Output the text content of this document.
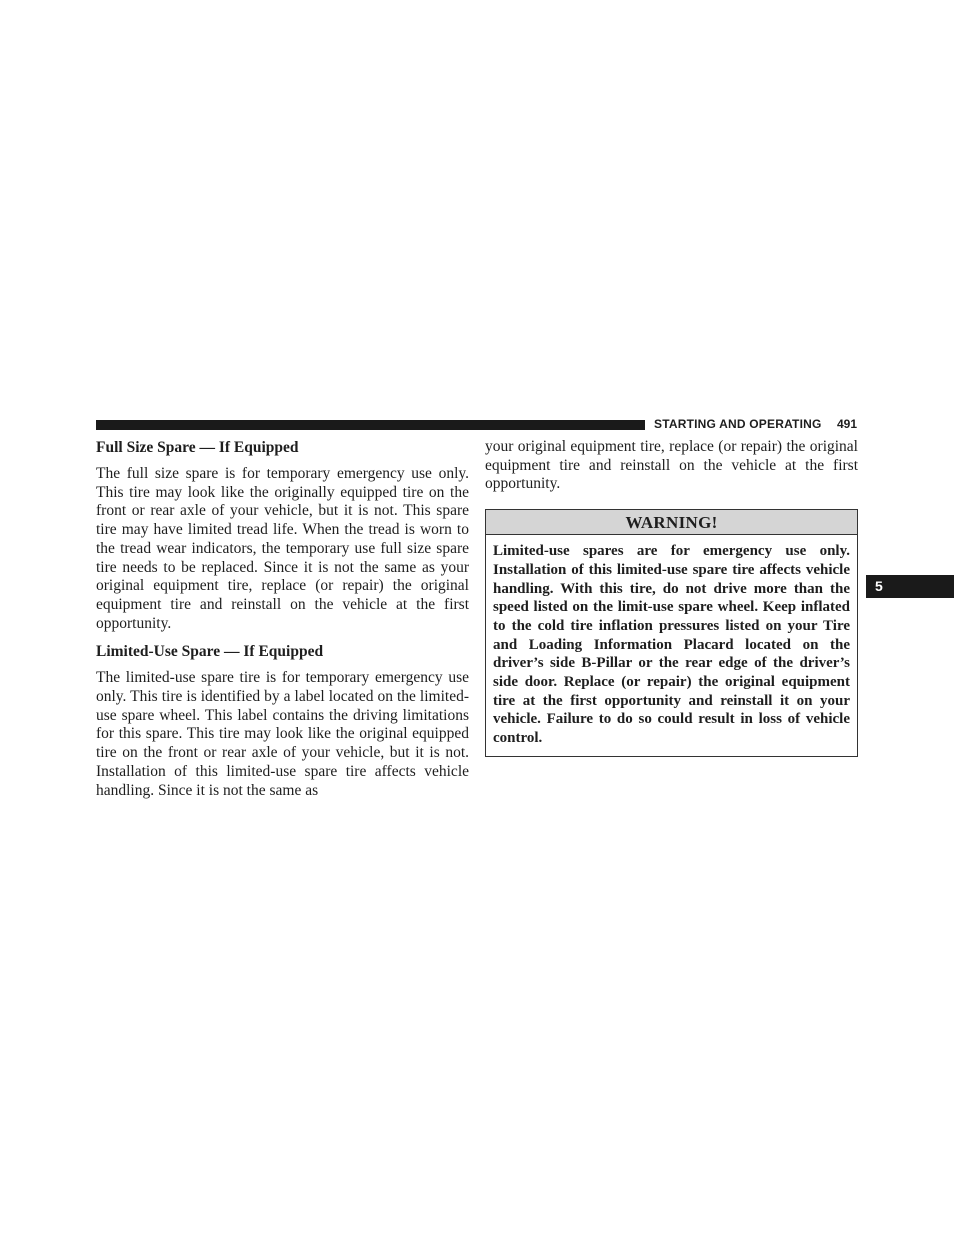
STARTING AND OPERATING 491
5
Full Size Spare — If Equipped

The full size spare is for temporary emergency use only. This tire may look like the originally equipped tire on the front or rear axle of your vehicle, but it is not. This spare tire may have limited tread life. When the tread is worn to the tread wear indicators, the temporary use full size spare tire needs to be replaced. Since it is not the same as your original equipment tire, replace (or repair) the original equipment tire and reinstall on the vehicle at the first opportunity.

Limited-Use Spare — If Equipped

The limited-use spare tire is for temporary emergency use only. This tire is identified by a label located on the limited-use spare wheel. This label contains the driving limitations for this spare. This tire may look like the original equipped tire on the front or rear axle of your vehicle, but it is not. Installation of this limited-use spare tire affects vehicle handling. Since it is not the same as

your original equipment tire, replace (or repair) the original equipment tire and reinstall on the vehicle at the first opportunity.

WARNING!
Limited-use spares are for emergency use only. Installation of this limited-use spare tire affects vehicle handling. With this tire, do not drive more than the speed listed on the limit-use spare wheel. Keep inflated to the cold tire inflation pressures listed on your Tire and Loading Information Placard located on the driver’s side B-Pillar or the rear edge of the driver’s side door. Replace (or repair) the original equipment tire at the first opportunity and reinstall it on your vehicle. Failure to do so could result in loss of vehicle control.
